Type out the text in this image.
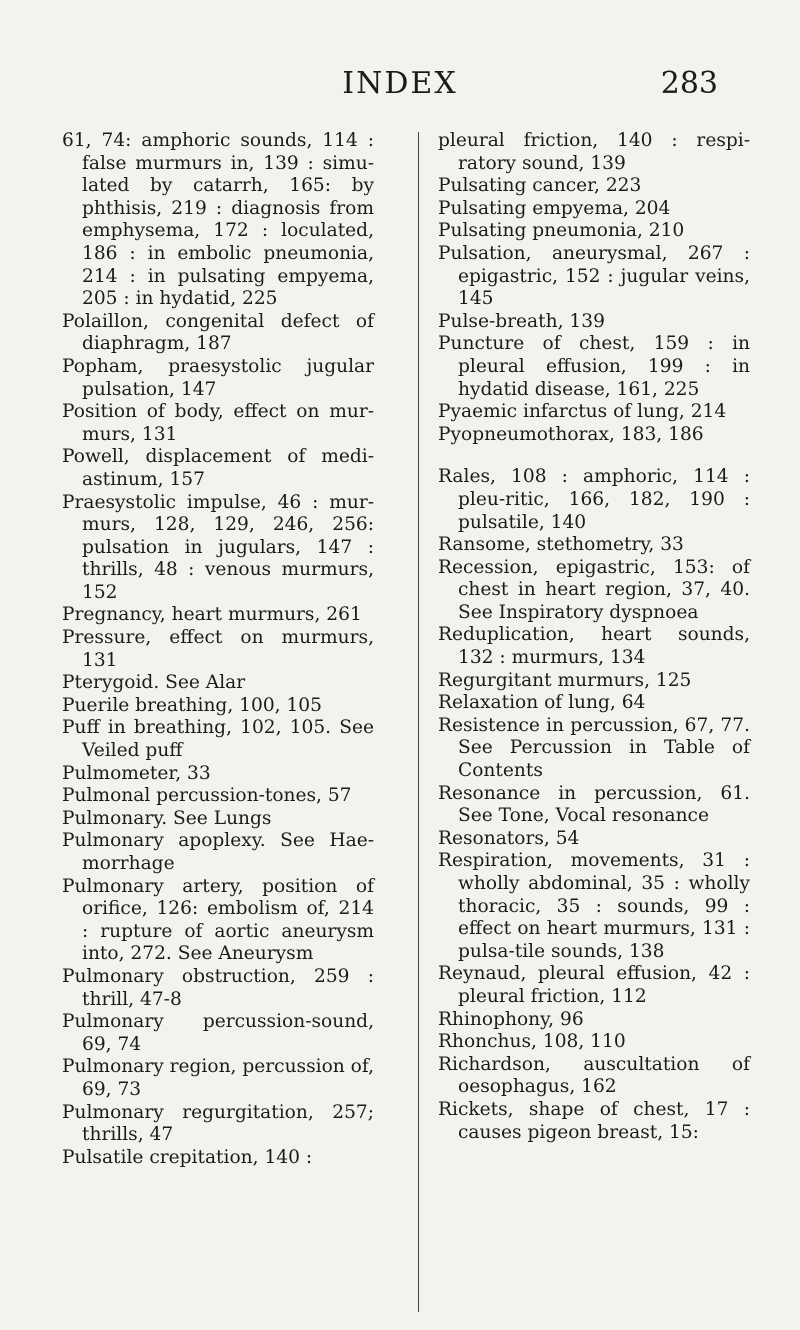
INDEX	283
61, 74: amphoric sounds, 114 : false murmurs in, 139 : simu-lated by catarrh, 165: by phthisis, 219 : diagnosis from emphysema, 172 : loculated, 186 : in embolic pneumonia, 214 : in pulsating empyema, 205 : in hydatid, 225
Polaillon, congenital defect of diaphragm, 187
Popham, praesystolic jugular pulsation, 147
Position of body, effect on mur-murs, 131
Powell, displacement of medi-astinum, 157
Praesystolic impulse, 46 : mur-murs, 128, 129, 246, 256: pulsation in jugulars, 147 : thrills, 48 : venous murmurs, 152
Pregnancy, heart murmurs, 261
Pressure, effect on murmurs, 131
Pterygoid. See Alar
Puerile breathing, 100, 105
Puff in breathing, 102, 105. See Veiled puff
Pulmometer, 33
Pulmonal percussion-tones, 57
Pulmonary. See Lungs
Pulmonary apoplexy. See Hae-morrhage
Pulmonary artery, position of orifice, 126: embolism of, 214 : rupture of aortic aneurysm into, 272. See Aneurysm
Pulmonary obstruction, 259 : thrill, 47-8
Pulmonary percussion-sound, 69, 74
Pulmonary region, percussion of, 69, 73
Pulmonary regurgitation, 257; thrills, 47
Pulsatile crepitation, 140 :
pleural friction, 140 : respi-ratory sound, 139
Pulsating cancer, 223
Pulsating empyema, 204
Pulsating pneumonia, 210
Pulsation, aneurysmal, 267 : epigastric, 152 : jugular veins, 145
Pulse-breath, 139
Puncture of chest, 159 : in pleural effusion, 199 : in hydatid disease, 161, 225
Pyaemic infarctus of lung, 214
Pyopneumothorax, 183, 186
Rales, 108 : amphoric, 114 : pleu-ritic, 166, 182, 190 : pulsatile, 140
Ransome, stethometry, 33
Recession, epigastric, 153: of chest in heart region, 37, 40. See Inspiratory dyspnoea
Reduplication, heart sounds, 132 : murmurs, 134
Regurgitant murmurs, 125
Relaxation of lung, 64
Resistence in percussion, 67, 77. See Percussion in Table of Contents
Resonance in percussion, 61. See Tone, Vocal resonance
Resonators, 54
Respiration, movements, 31 : wholly abdominal, 35 : wholly thoracic, 35 : sounds, 99 : effect on heart murmurs, 131 : pulsa-tile sounds, 138
Reynaud, pleural effusion, 42 : pleural friction, 112
Rhinophony, 96
Rhonchus, 108, 110
Richardson, auscultation of oesophagus, 162
Rickets, shape of chest, 17 : causes pigeon breast, 15:
